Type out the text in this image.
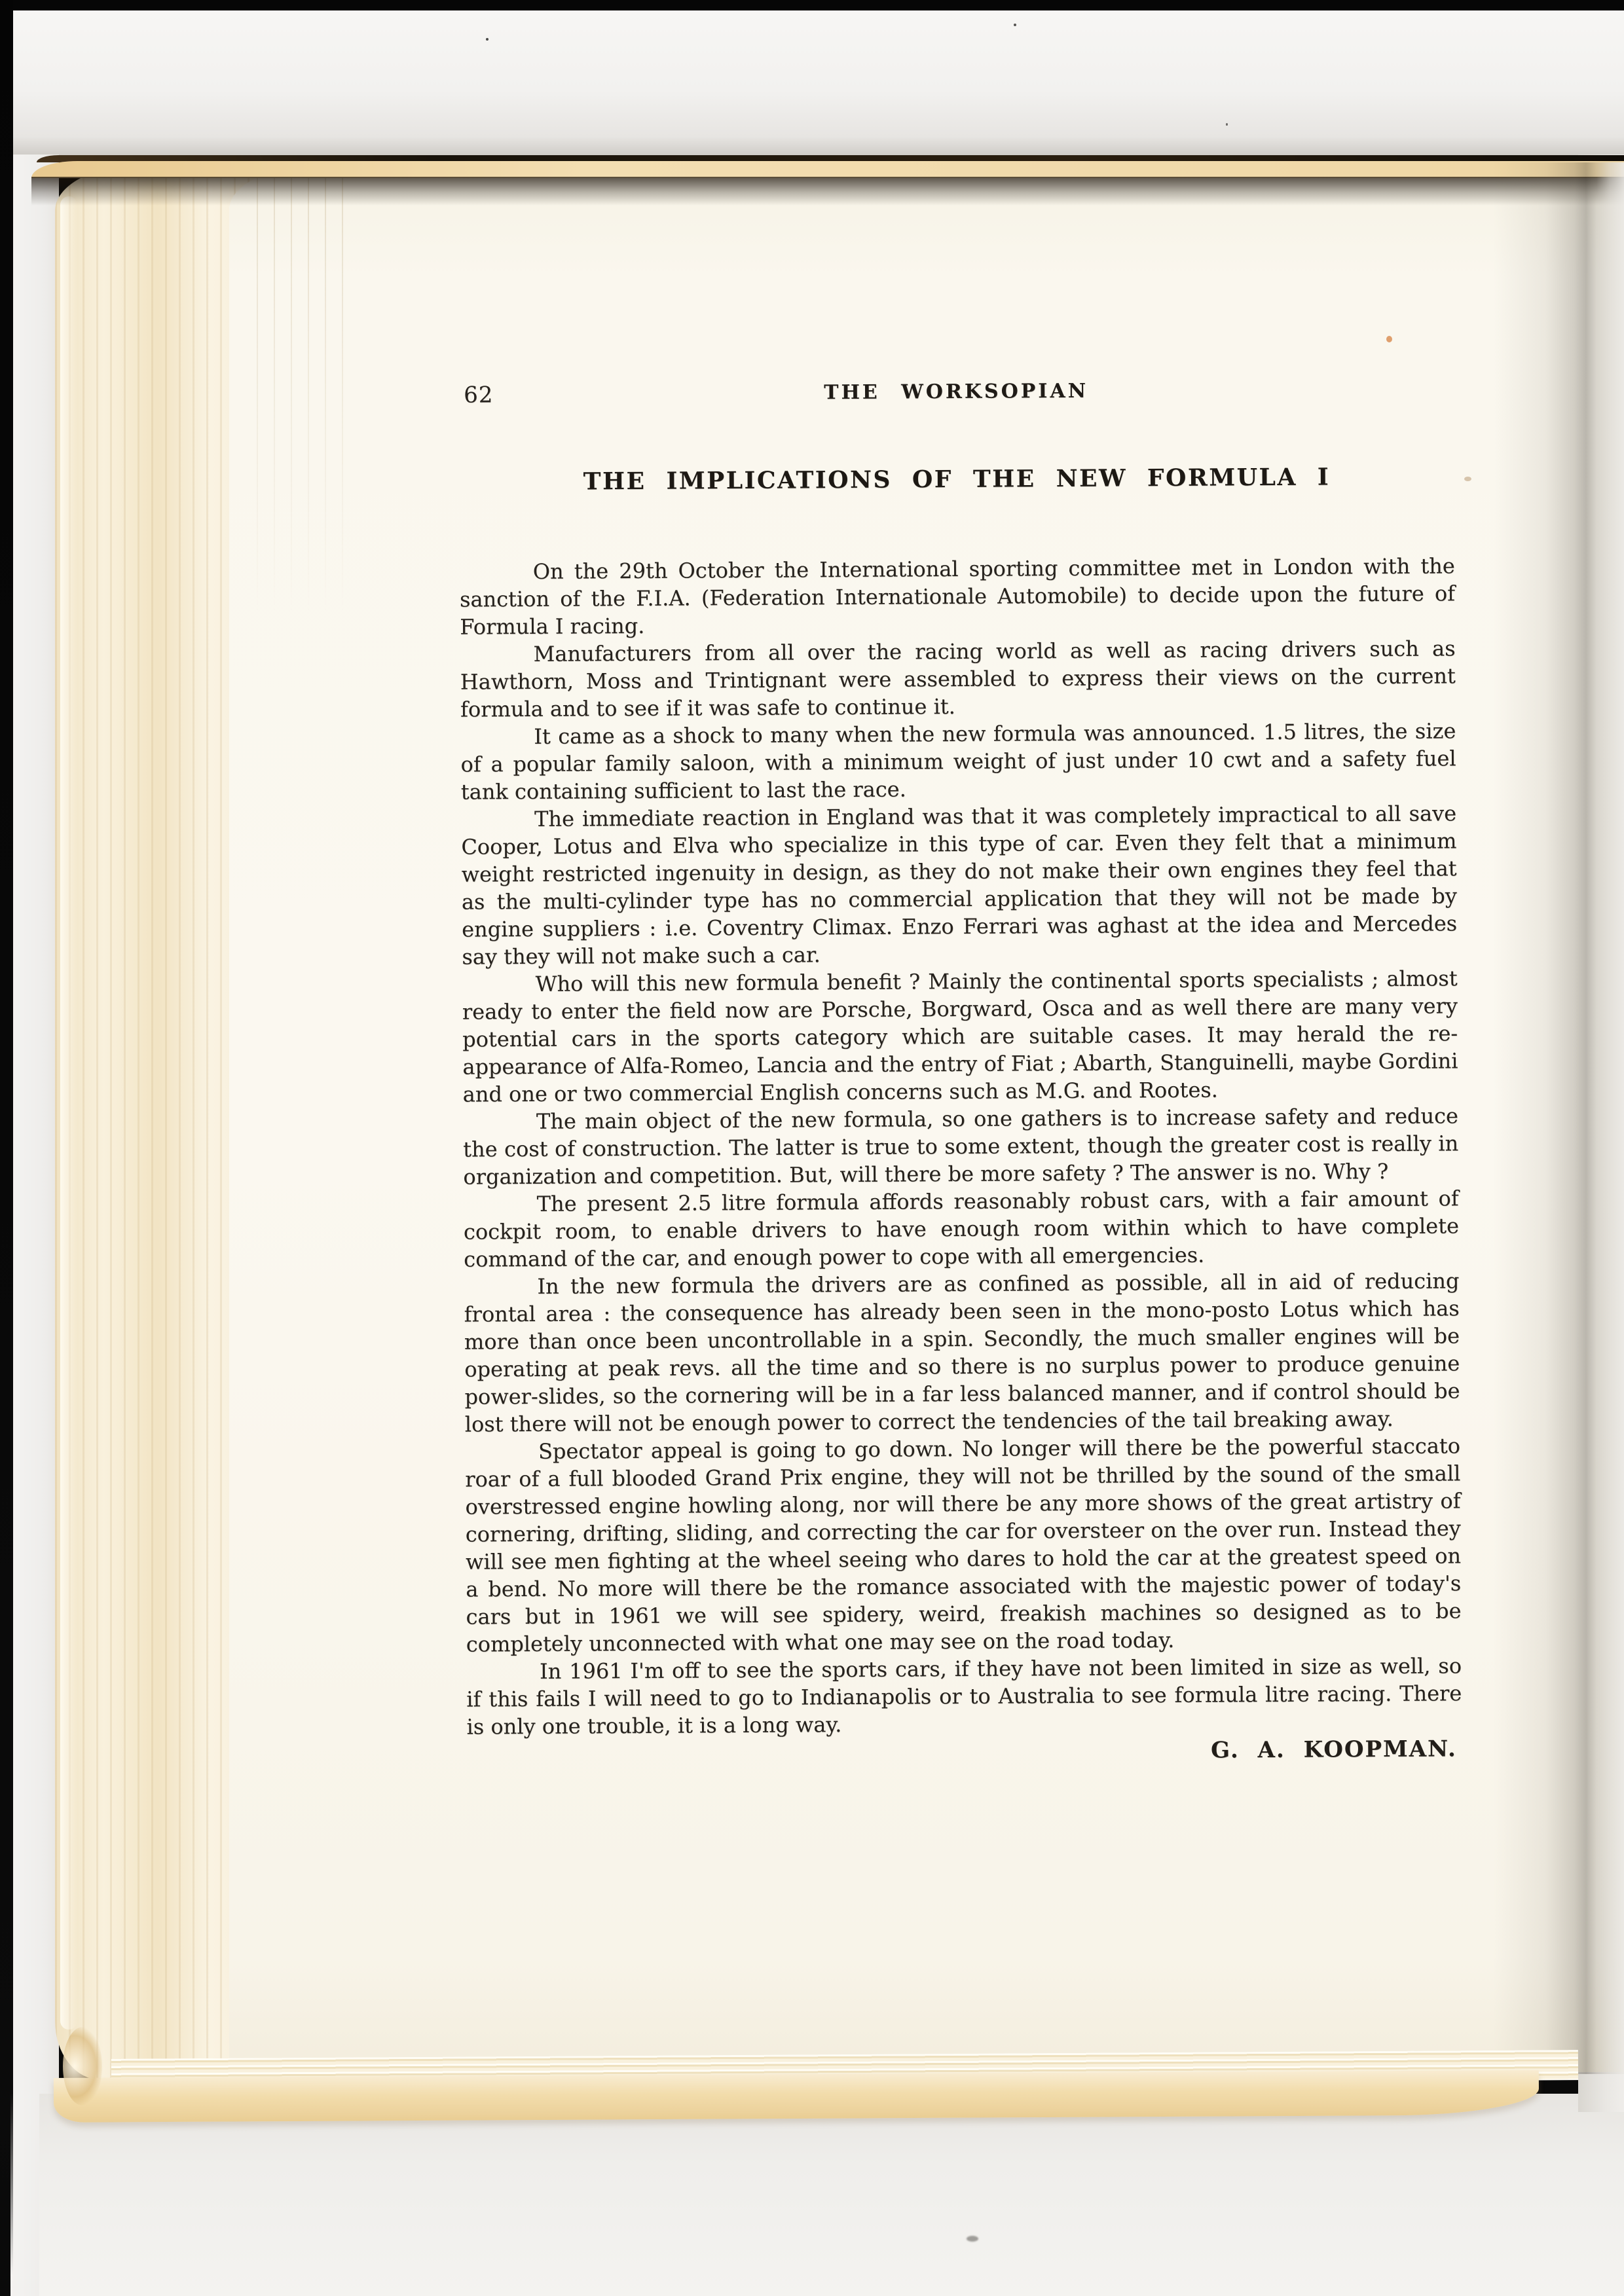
62	THE WORKSOPIAN
THE IMPLICATIONS OF THE NEW FORMULA I

On the 29th October the International sporting committee met in London with the sanction of the F.I.A. (Federation Internationale Automobile) to decide upon the future of Formula I racing.

Manufacturers from all over the racing world as well as racing drivers such as Hawthorn, Moss and Trintignant were assembled to express their views on the current formula and to see if it was safe to continue it.

It came as a shock to many when the new formula was announced. 1.5 litres, the size of a popular family saloon, with a minimum weight of just under 10 cwt and a safety fuel tank containing sufficient to last the race.

The immediate reaction in England was that it was completely impractical to all save Cooper, Lotus and Elva who specialize in this type of car. Even they felt that a minimum weight restricted ingenuity in design, as they do not make their own engines they feel that as the multi-cylinder type has no commercial application that they will not be made by engine suppliers : i.e. Coventry Climax. Enzo Ferrari was aghast at the idea and Mercedes say they will not make such a car.

Who will this new formula benefit ? Mainly the continental sports specialists ; almost ready to enter the field now are Porsche, Borgward, Osca and as well there are many very potential cars in the sports category which are suitable cases. It may herald the re-appearance of Alfa-Romeo, Lancia and the entry of Fiat ; Abarth, Stanguinelli, maybe Gordini and one or two commercial English concerns such as M.G. and Rootes.

The main object of the new formula, so one gathers is to increase safety and reduce the cost of construction. The latter is true to some extent, though the greater cost is really in organization and competition. But, will there be more safety ? The answer is no. Why ?

The present 2.5 litre formula affords reasonably robust cars, with a fair amount of cockpit room, to enable drivers to have enough room within which to have complete command of the car, and enough power to cope with all emergencies.

In the new formula the drivers are as confined as possible, all in aid of reducing frontal area : the consequence has already been seen in the mono-posto Lotus which has more than once been uncontrollable in a spin. Secondly, the much smaller engines will be operating at peak revs. all the time and so there is no surplus power to produce genuine power-slides, so the cornering will be in a far less balanced manner, and if control should be lost there will not be enough power to correct the tendencies of the tail breaking away.

Spectator appeal is going to go down. No longer will there be the powerful staccato roar of a full blooded Grand Prix engine, they will not be thrilled by the sound of the small overstressed engine howling along, nor will there be any more shows of the great artistry of cornering, drifting, sliding, and correcting the car for oversteer on the over run. Instead they will see men fighting at the wheel seeing who dares to hold the car at the greatest speed on a bend. No more will there be the romance associated with the majestic power of today's cars but in 1961 we will see spidery, weird, freakish machines so designed as to be completely unconnected with what one may see on the road today.

In 1961 I'm off to see the sports cars, if they have not been limited in size as well, so if this fails I will need to go to Indianapolis or to Australia to see formula litre racing. There is only one trouble, it is a long way.

G. A. KOOPMAN.
